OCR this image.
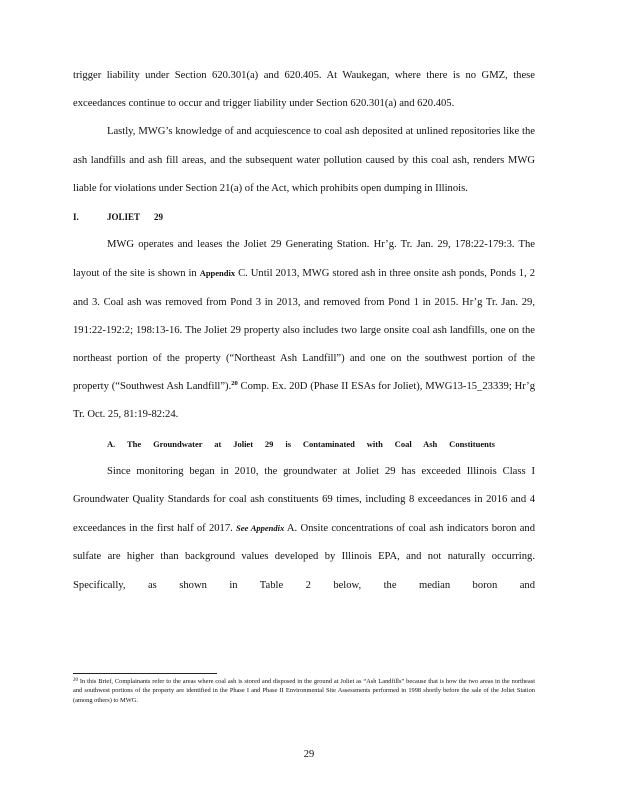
trigger liability under Section 620.301(a) and 620.405. At Waukegan, where there is no GMZ, these exceedances continue to occur and trigger liability under Section 620.301(a) and 620.405.

Lastly, MWG’s knowledge of and acquiescence to coal ash deposited at unlined repositories like the ash landfills and ash fill areas, and the subsequent water pollution caused by this coal ash, renders MWG liable for violations under Section 21(a) of the Act, which prohibits open dumping in Illinois.

I.	JOLIET 29

MWG operates and leases the Joliet 29 Generating Station. Hr’g. Tr. Jan. 29, 178:22-179:3. The layout of the site is shown in Appendix C. Until 2013, MWG stored ash in three onsite ash ponds, Ponds 1, 2 and 3. Coal ash was removed from Pond 3 in 2013, and removed from Pond 1 in 2015. Hr’g Tr. Jan. 29, 191:22-192:2; 198:13-16. The Joliet 29 property also includes two large onsite coal ash landfills, one on the northeast portion of the property (“Northeast Ash Landfill”) and one on the southwest portion of the property (“Southwest Ash Landfill”).$^{20}$ Comp. Ex. 20D (Phase II ESAs for Joliet), MWG13-15_23339; Hr’g Tr. Oct. 25, 81:19-82:24.

A. The Groundwater at Joliet 29 is Contaminated with Coal Ash Constituents

Since monitoring began in 2010, the groundwater at Joliet 29 has exceeded Illinois Class I Groundwater Quality Standards for coal ash constituents 69 times, including 8 exceedances in 2016 and 4 exceedances in the first half of 2017. See Appendix A. Onsite concentrations of coal ash indicators boron and sulfate are higher than background values developed by Illinois EPA, and not naturally occurring. Specifically, as shown in Table 2 below, the median boron and

$^{20}$ In this Brief, Complainants refer to the areas where coal ash is stored and disposed in the ground at Joliet as “Ash Landfills” because that is how the two areas in the northeast and southwest portions of the property are identified in the Phase I and Phase II Environmental Site Assessments performed in 1998 shortly before the sale of the Joliet Station (among others) to MWG.

29
